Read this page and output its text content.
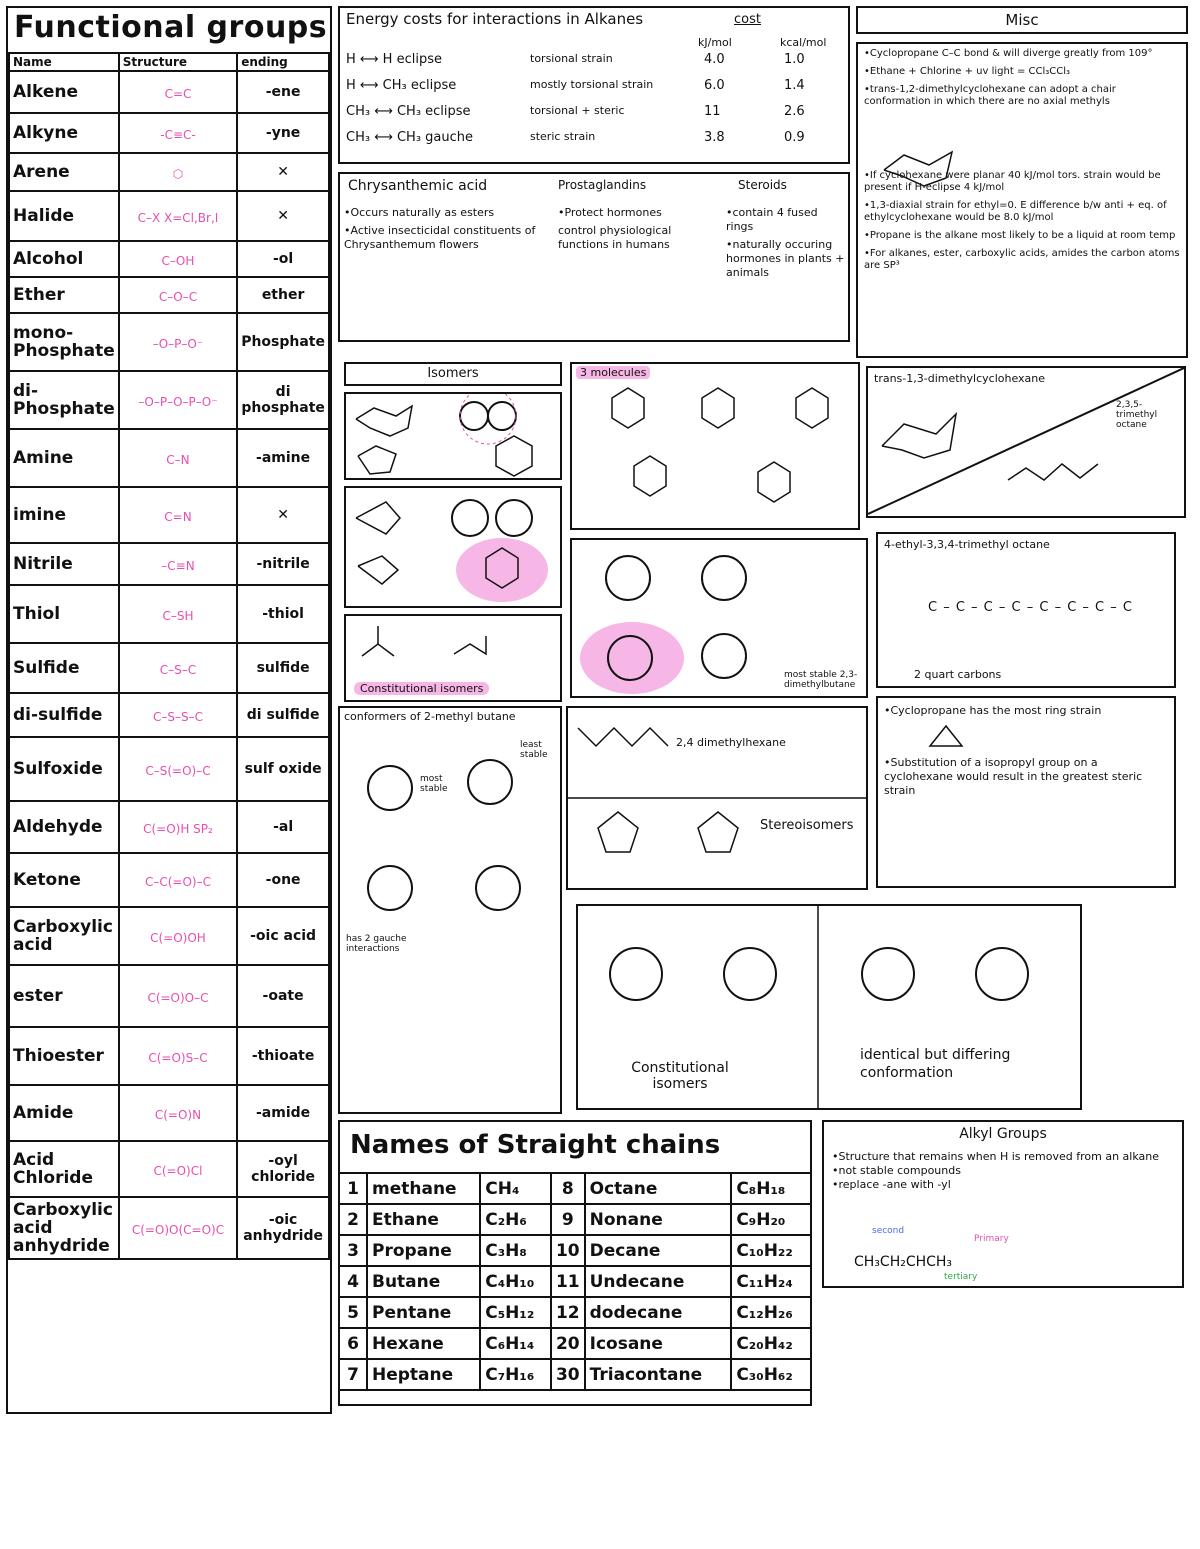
Functional groups
Name	Structure	ending
Alkene	C=C	-ene
Alkyne	-C≡C-	-yne
Arene	⬡	✕
Halide	C–X X=Cl,Br,I	✕
Alcohol	C–OH	-ol
Ether	C–O–C	ether
mono-Phosphate	–O–P–O⁻	Phosphate
di-Phosphate	–O–P–O–P–O⁻	di phosphate
Amine	C–N	-amine
imine	C=N	✕
Nitrile	–C≡N	-nitrile
Thiol	C–SH	-thiol
Sulfide	C–S–C	sulfide
di-sulfide	C–S–S–C	di sulfide
Sulfoxide	C–S(=O)–C	sulf oxide
Aldehyde	C(=O)H SP₂	-al
Ketone	C–C(=O)–C	-one
Carboxylic acid	C(=O)OH	-oic acid
ester	C(=O)O–C	-oate
Thioester	C(=O)S–C	-thioate
Amide	C(=O)N	-amide
Acid Chloride	C(=O)Cl	-oyl chloride
Carboxylic acid anhydride	C(=O)O(C=O)C	-oic anhydride
Energy costs for interactions in Alkanes	cost
kJ/mol	kcal/mol
H ⟷ H eclipse	torsional strain	4.0	1.0
H ⟷ CH₃ eclipse	mostly torsional strain	6.0	1.4
CH₃ ⟷ CH₃ eclipse	torsional + steric	11	2.6
CH₃ ⟷ CH₃ gauche	steric strain	3.8	0.9
Misc
•Cyclopropane C–C bond & will diverge greatly from 109°
•Ethane + Chlorine + uv light = CCl₃CCl₃
•trans-1,2-dimethylcyclohexane can adopt a chair conformation in which there are no axial methyls
•If cyclohexane were planar 40 kJ/mol tors. strain would be present if H-eclipse 4 kJ/mol
•1,3-diaxial strain for ethyl=0. E difference b/w anti + eq. of ethylcyclohexane would be 8.0 kJ/mol
•Propane is the alkane most likely to be a liquid at room temp
•For alkanes, ester, carboxylic acids, amides the carbon atoms are SP³
Chrysanthemic acid
•Occurs naturally as esters
•Active insecticidal constituents of Chrysanthemum flowers
Prostaglandins
•Protect hormones
control physiological functions in humans
Steroids
•contain 4 fused rings
•naturally occuring hormones in plants + animals
Isomers
Constitutional isomers
3 molecules
most stable 2,3-dimethylbutane
trans-1,3-dimethylcyclohexane
2,3,5-trimethyl octane
4-ethyl-3,3,4-trimethyl octane
C – C – C – C – C – C – C – C
2 quart carbons
conformers of 2-methyl butane
most stable
least stable
has 2 gauche interactions
2,4 dimethylhexane
Stereoisomers
•Cyclopropane has the most ring strain
•Substitution of a isopropyl group on a cyclohexane would result in the greatest steric strain
Constitutional isomers
identical but differing conformation
Names of Straight chains
1	methane	CH₄	8	Octane	C₈H₁₈
2	Ethane	C₂H₆	9	Nonane	C₉H₂₀
3	Propane	C₃H₈	10	Decane	C₁₀H₂₂
4	Butane	C₄H₁₀	11	Undecane	C₁₁H₂₄
5	Pentane	C₅H₁₂	12	dodecane	C₁₂H₂₆
6	Hexane	C₆H₁₄	20	Icosane	C₂₀H₄₂
7	Heptane	C₇H₁₆	30	Triacontane	C₃₀H₆₂
Alkyl Groups
•Structure that remains when H is removed from an alkane
•not stable compounds
•replace -ane with -yl
CH₃CH₂CHCH₃
second
Primary
tertiary
